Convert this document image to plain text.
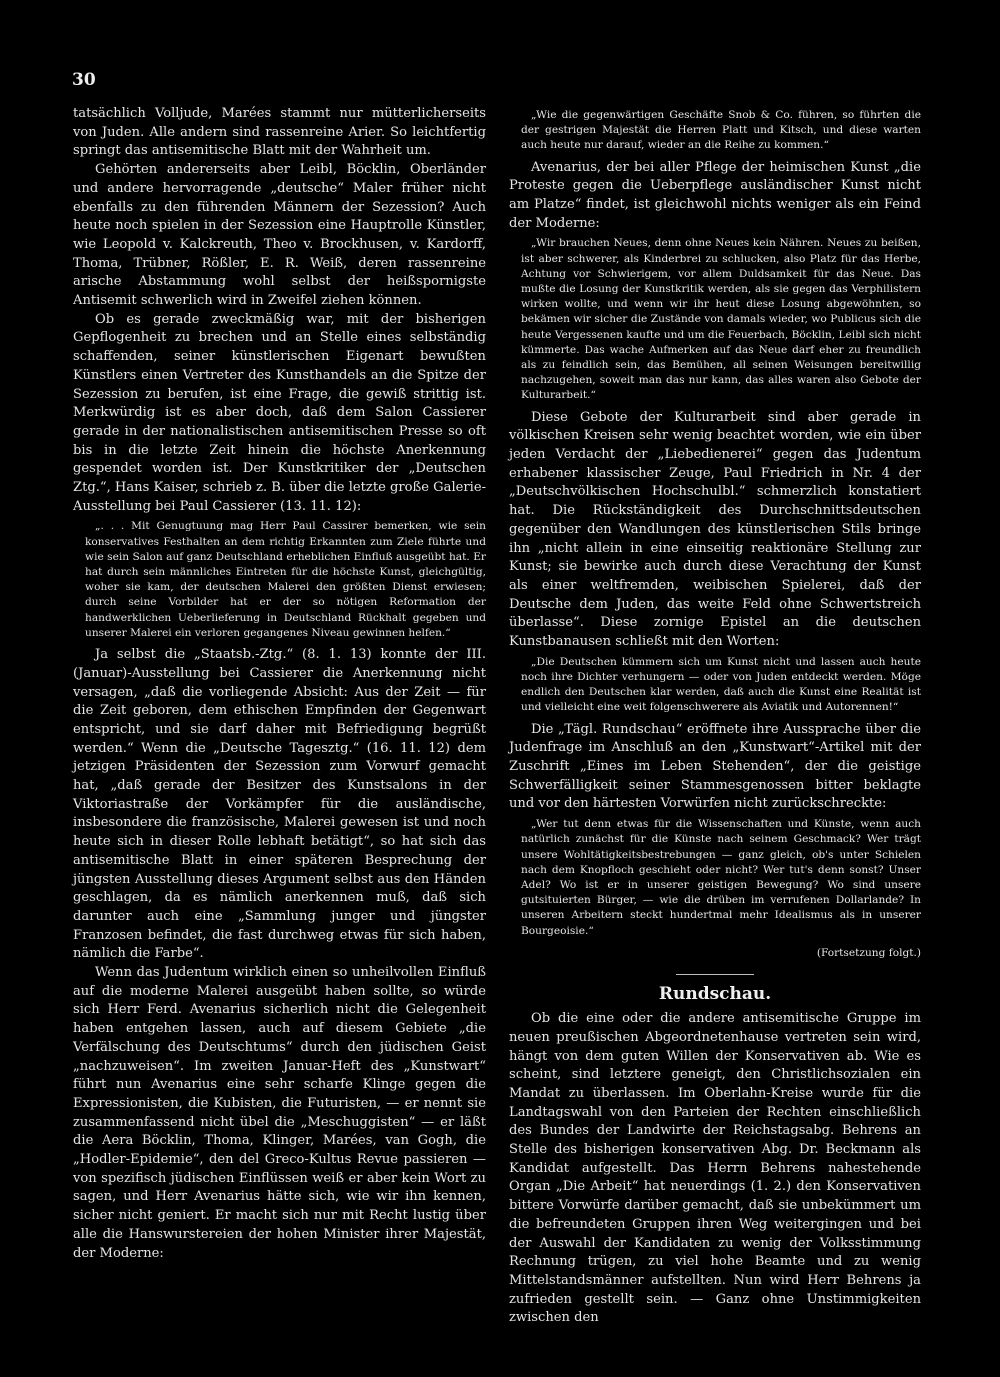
30

tatsächlich Volljude, Marées stammt nur mütterlicherseits von Juden. Alle andern sind rassenreine Arier. So leichtfertig springt das antisemitische Blatt mit der Wahrheit um.

Gehörten andererseits aber Leibl, Böcklin, Oberländer und andere hervorragende „deutsche“ Maler früher nicht ebenfalls zu den führenden Männern der Sezession? Auch heute noch spielen in der Sezession eine Hauptrolle Künstler, wie Leopold v. Kalckreuth, Theo v. Brockhusen, v. Kardorff, Thoma, Trübner, Rößler, E. R. Weiß, deren rassenreine arische Abstammung wohl selbst der heißspornigste Antisemit schwerlich wird in Zweifel ziehen können.

Ob es gerade zweckmäßig war, mit der bisherigen Gepflogenheit zu brechen und an Stelle eines selbständig schaffenden, seiner künstlerischen Eigenart bewußten Künstlers einen Vertreter des Kunsthandels an die Spitze der Sezession zu berufen, ist eine Frage, die gewiß strittig ist. Merkwürdig ist es aber doch, daß dem Salon Cassierer gerade in der nationalistischen antisemitischen Presse so oft bis in die letzte Zeit hinein die höchste Anerkennung gespendet worden ist. Der Kunstkritiker der „Deutschen Ztg.“, Hans Kaiser, schrieb z. B. über die letzte große Galerie-Ausstellung bei Paul Cassierer (13. 11. 12):

„. . . Mit Genugtuung mag Herr Paul Cassirer bemerken, wie sein konservatives Festhalten an dem richtig Erkannten zum Ziele führte und wie sein Salon auf ganz Deutschland erheblichen Einfluß ausgeübt hat. Er hat durch sein männliches Eintreten für die höchste Kunst, gleichgültig, woher sie kam, der deutschen Malerei den größten Dienst erwiesen; durch seine Vorbilder hat er der so nötigen Reformation der handwerklichen Ueberlieferung in Deutschland Rückhalt gegeben und unserer Malerei ein verloren gegangenes Niveau gewinnen helfen.“

Ja selbst die „Staatsb.-Ztg.“ (8. 1. 13) konnte der III. (Januar)-Ausstellung bei Cassierer die Anerkennung nicht versagen, „daß die vorliegende Absicht: Aus der Zeit — für die Zeit geboren, dem ethischen Empfinden der Gegenwart entspricht, und sie darf daher mit Befriedigung begrüßt werden.“ Wenn die „Deutsche Tagesztg.“ (16. 11. 12) dem jetzigen Präsidenten der Sezession zum Vorwurf gemacht hat, „daß gerade der Besitzer des Kunstsalons in der Viktoriastraße der Vorkämpfer für die ausländische, insbesondere die französische, Malerei gewesen ist und noch heute sich in dieser Rolle lebhaft betätigt“, so hat sich das antisemitische Blatt in einer späteren Besprechung der jüngsten Ausstellung dieses Argument selbst aus den Händen geschlagen, da es nämlich anerkennen muß, daß sich darunter auch eine „Sammlung junger und jüngster Franzosen befindet, die fast durchweg etwas für sich haben, nämlich die Farbe“.

Wenn das Judentum wirklich einen so unheilvollen Einfluß auf die moderne Malerei ausgeübt haben sollte, so würde sich Herr Ferd. Avenarius sicherlich nicht die Gelegenheit haben entgehen lassen, auch auf diesem Gebiete „die Verfälschung des Deutschtums“ durch den jüdischen Geist „nachzuweisen“. Im zweiten Januar-Heft des „Kunstwart“ führt nun Avenarius eine sehr scharfe Klinge gegen die Expressionisten, die Kubisten, die Futuristen, — er nennt sie zusammenfassend nicht übel die „Meschuggisten“ — er läßt die Aera Böcklin, Thoma, Klinger, Marées, van Gogh, die „Hodler-Epidemie“, den del Greco-Kultus Revue passieren — von spezifisch jüdischen Einflüssen weiß er aber kein Wort zu sagen, und Herr Avenarius hätte sich, wie wir ihn kennen, sicher nicht geniert. Er macht sich nur mit Recht lustig über alle die Hanswurstereien der hohen Minister ihrer Majestät, der Moderne:

„Wie die gegenwärtigen Geschäfte Snob & Co. führen, so führten die der gestrigen Majestät die Herren Platt und Kitsch, und diese warten auch heute nur darauf, wieder an die Reihe zu kommen.“

Avenarius, der bei aller Pflege der heimischen Kunst „die Proteste gegen die Ueberpflege ausländischer Kunst nicht am Platze“ findet, ist gleichwohl nichts weniger als ein Feind der Moderne:

„Wir brauchen Neues, denn ohne Neues kein Nähren. Neues zu beißen, ist aber schwerer, als Kinderbrei zu schlucken, also Platz für das Herbe, Achtung vor Schwierigem, vor allem Duldsamkeit für das Neue. Das mußte die Losung der Kunstkritik werden, als sie gegen das Verphilistern wirken wollte, und wenn wir ihr heut diese Losung abgewöhnten, so bekämen wir sicher die Zustände von damals wieder, wo Publicus sich die heute Vergessenen kaufte und um die Feuerbach, Böcklin, Leibl sich nicht kümmerte. Das wache Aufmerken auf das Neue darf eher zu freundlich als zu feindlich sein, das Bemühen, all seinen Weisungen bereitwillig nachzugehen, soweit man das nur kann, das alles waren also Gebote der Kulturarbeit.“

Diese Gebote der Kulturarbeit sind aber gerade in völkischen Kreisen sehr wenig beachtet worden, wie ein über jeden Verdacht der „Liebedienerei“ gegen das Judentum erhabener klassischer Zeuge, Paul Friedrich in Nr. 4 der „Deutschvölkischen Hochschulbl.“ schmerzlich konstatiert hat. Die Rückständigkeit des Durchschnittsdeutschen gegenüber den Wandlungen des künstlerischen Stils bringe ihn „nicht allein in eine einseitig reaktionäre Stellung zur Kunst; sie bewirke auch durch diese Verachtung der Kunst als einer weltfremden, weibischen Spielerei, daß der Deutsche dem Juden, das weite Feld ohne Schwertstreich überlasse“. Diese zornige Epistel an die deutschen Kunstbanausen schließt mit den Worten:

„Die Deutschen kümmern sich um Kunst nicht und lassen auch heute noch ihre Dichter verhungern — oder von Juden entdeckt werden. Möge endlich den Deutschen klar werden, daß auch die Kunst eine Realität ist und vielleicht eine weit folgenschwerere als Aviatik und Autorennen!“

Die „Tägl. Rundschau“ eröffnete ihre Aussprache über die Judenfrage im Anschluß an den „Kunstwart“-Artikel mit der Zuschrift „Eines im Leben Stehenden“, der die geistige Schwerfälligkeit seiner Stammesgenossen bitter beklagte und vor den härtesten Vorwürfen nicht zurückschreckte:

„Wer tut denn etwas für die Wissenschaften und Künste, wenn auch natürlich zunächst für die Künste nach seinem Geschmack? Wer trägt unsere Wohltätigkeitsbestrebungen — ganz gleich, ob's unter Schielen nach dem Knopfloch geschieht oder nicht? Wer tut's denn sonst? Unser Adel? Wo ist er in unserer geistigen Bewegung? Wo sind unsere gutsituierten Bürger, — wie die drüben im verrufenen Dollarlande? In unseren Arbeitern steckt hundertmal mehr Idealismus als in unserer Bourgeoisie.“

(Fortsetzung folgt.)

Rundschau.

Ob die eine oder die andere antisemitische Gruppe im neuen preußischen Abgeordnetenhause vertreten sein wird, hängt von dem guten Willen der Konservativen ab. Wie es scheint, sind letztere geneigt, den Christlichsozialen ein Mandat zu überlassen. Im Oberlahn-Kreise wurde für die Landtagswahl von den Parteien der Rechten einschließlich des Bundes der Landwirte der Reichstagsabg. Behrens an Stelle des bisherigen konservativen Abg. Dr. Beckmann als Kandidat aufgestellt. Das Herrn Behrens nahestehende Organ „Die Arbeit“ hat neuerdings (1. 2.) den Konservativen bittere Vorwürfe darüber gemacht, daß sie unbekümmert um die befreundeten Gruppen ihren Weg weitergingen und bei der Auswahl der Kandidaten zu wenig der Volksstimmung Rechnung trügen, zu viel hohe Beamte und zu wenig Mittelstandsmänner aufstellten. Nun wird Herr Behrens ja zufrieden gestellt sein. — Ganz ohne Unstimmigkeiten zwischen den
